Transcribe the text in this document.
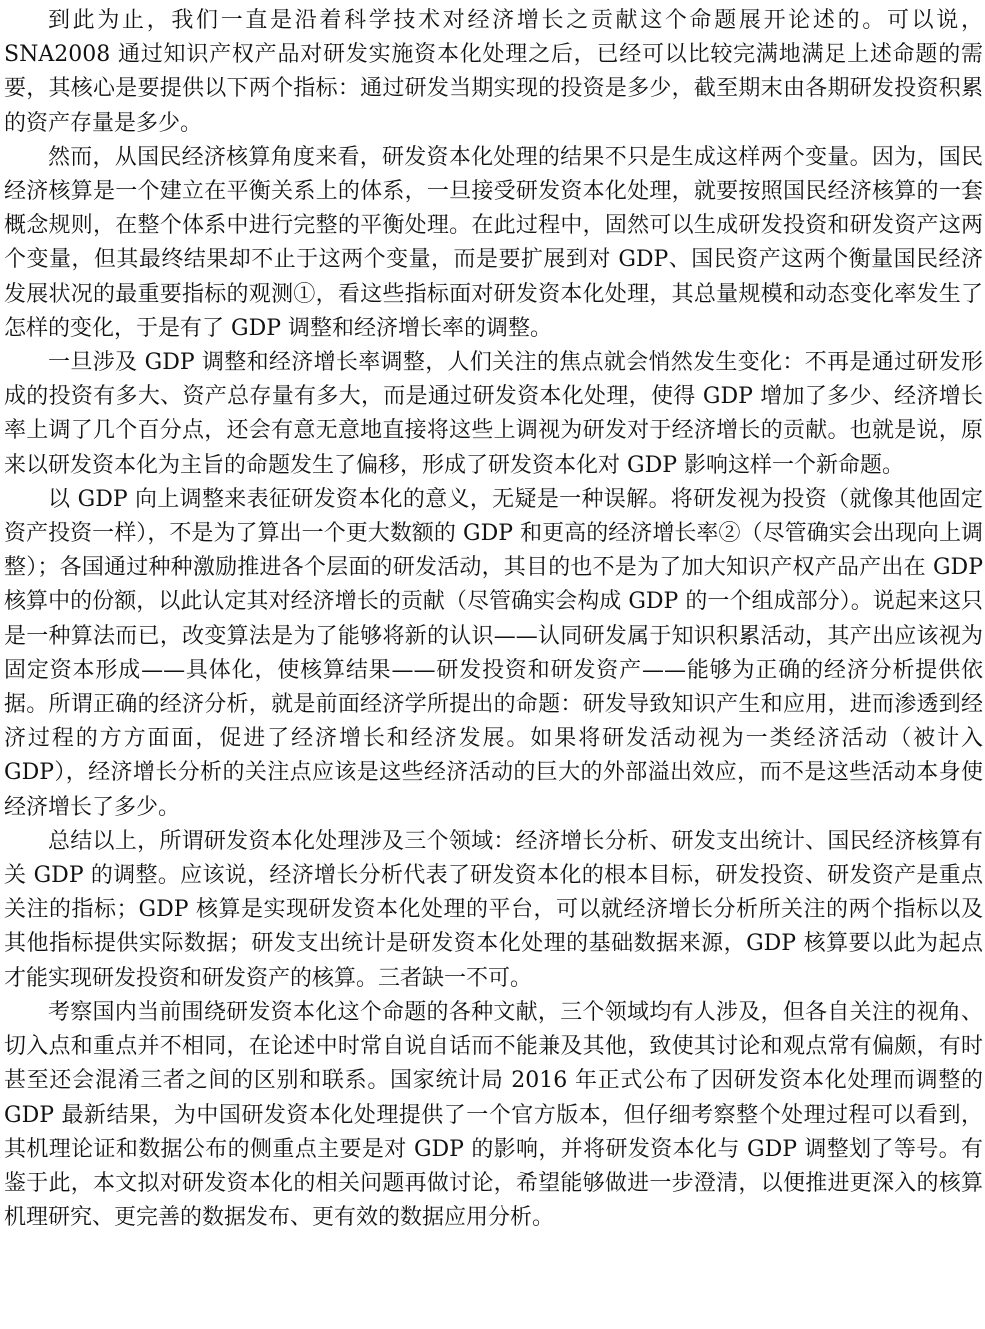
到此为止，我们一直是沿着科学技术对经济增长之贡献这个命题展开论述的。可以说，SNA2008 通过知识产权产品对研发实施资本化处理之后，已经可以比较完满地满足上述命题的需要，其核心是要提供以下两个指标：通过研发当期实现的投资是多少，截至期末由各期研发投资积累的资产存量是多少。

然而，从国民经济核算角度来看，研发资本化处理的结果不只是生成这样两个变量。因为，国民经济核算是一个建立在平衡关系上的体系，一旦接受研发资本化处理，就要按照国民经济核算的一套概念规则，在整个体系中进行完整的平衡处理。在此过程中，固然可以生成研发投资和研发资产这两个变量，但其最终结果却不止于这两个变量，而是要扩展到对 GDP、国民资产这两个衡量国民经济发展状况的最重要指标的观测①，看这些指标面对研发资本化处理，其总量规模和动态变化率发生了怎样的变化，于是有了 GDP 调整和经济增长率的调整。

一旦涉及 GDP 调整和经济增长率调整，人们关注的焦点就会悄然发生变化：不再是通过研发形成的投资有多大、资产总存量有多大，而是通过研发资本化处理，使得 GDP 增加了多少、经济增长率上调了几个百分点，还会有意无意地直接将这些上调视为研发对于经济增长的贡献。也就是说，原来以研发资本化为主旨的命题发生了偏移，形成了研发资本化对 GDP 影响这样一个新命题。

以 GDP 向上调整来表征研发资本化的意义，无疑是一种误解。将研发视为投资（就像其他固定资产投资一样），不是为了算出一个更大数额的 GDP 和更高的经济增长率②（尽管确实会出现向上调整）；各国通过种种激励推进各个层面的研发活动，其目的也不是为了加大知识产权产品产出在 GDP 核算中的份额，以此认定其对经济增长的贡献（尽管确实会构成 GDP 的一个组成部分）。说起来这只是一种算法而已，改变算法是为了能够将新的认识——认同研发属于知识积累活动，其产出应该视为固定资本形成——具体化，使核算结果——研发投资和研发资产——能够为正确的经济分析提供依据。所谓正确的经济分析，就是前面经济学所提出的命题：研发导致知识产生和应用，进而渗透到经济过程的方方面面，促进了经济增长和经济发展。如果将研发活动视为一类经济活动（被计入 GDP），经济增长分析的关注点应该是这些经济活动的巨大的外部溢出效应，而不是这些活动本身使经济增长了多少。

总结以上，所谓研发资本化处理涉及三个领域：经济增长分析、研发支出统计、国民经济核算有关 GDP 的调整。应该说，经济增长分析代表了研发资本化的根本目标，研发投资、研发资产是重点关注的指标；GDP 核算是实现研发资本化处理的平台，可以就经济增长分析所关注的两个指标以及其他指标提供实际数据；研发支出统计是研发资本化处理的基础数据来源，GDP 核算要以此为起点才能实现研发投资和研发资产的核算。三者缺一不可。

考察国内当前围绕研发资本化这个命题的各种文献，三个领域均有人涉及，但各自关注的视角、切入点和重点并不相同，在论述中时常自说自话而不能兼及其他，致使其讨论和观点常有偏颇，有时甚至还会混淆三者之间的区别和联系。国家统计局 2016 年正式公布了因研发资本化处理而调整的 GDP 最新结果，为中国研发资本化处理提供了一个官方版本，但仔细考察整个处理过程可以看到，其机理论证和数据公布的侧重点主要是对 GDP 的影响，并将研发资本化与 GDP 调整划了等号。有鉴于此，本文拟对研发资本化的相关问题再做讨论，希望能够做进一步澄清，以便推进更深入的核算机理研究、更完善的数据发布、更有效的数据应用分析。
